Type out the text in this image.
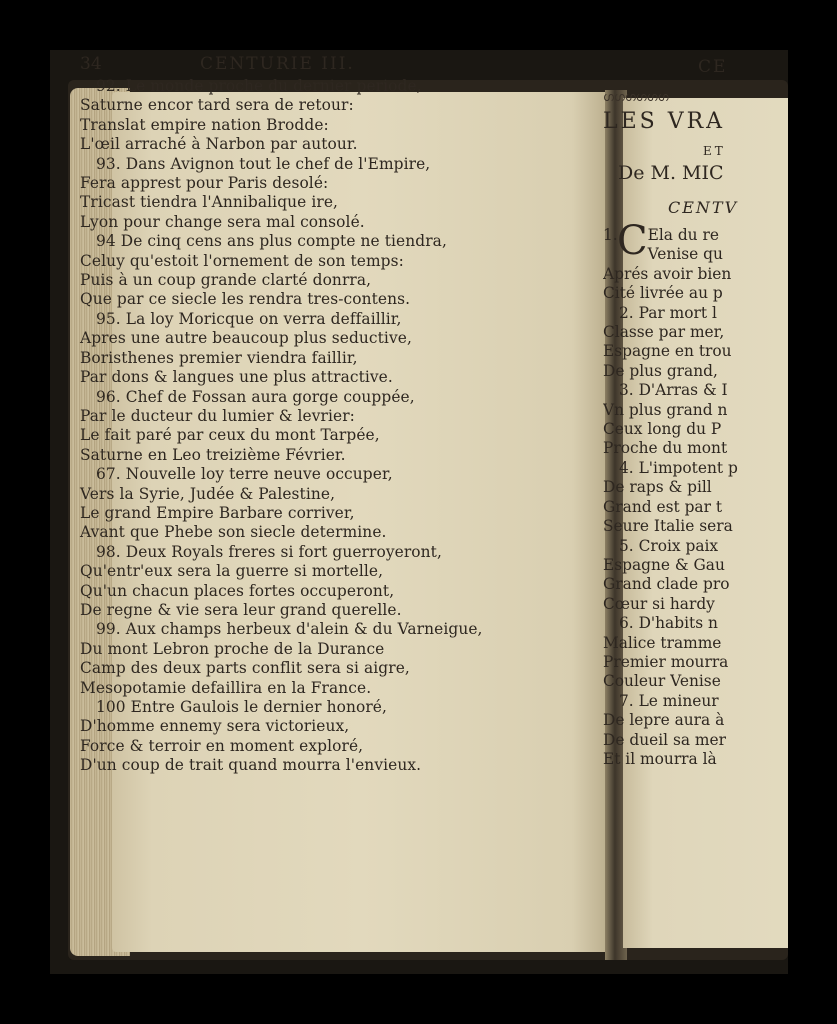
34	CENTURIE III.
92. Le monde proche du dernier periode,
Saturne encor tard sera de retour:
Translat empire nation Brodde:
L'œil arraché à Narbon par autour.
93. Dans Avignon tout le chef de l'Empire,
Fera apprest pour Paris desolé:
Tricast tiendra l'Annibalique ire,
Lyon pour change sera mal consolé.
94 De cinq cens ans plus compte ne tiendra,
Celuy qu'estoit l'ornement de son temps:
Puis à un coup grande clarté donrra,
Que par ce siecle les rendra tres-contens.
95. La loy Moricque on verra deffaillir,
Apres une autre beaucoup plus seductive,
Boristhenes premier viendra faillir,
Par dons & langues une plus attractive.
96. Chef de Fossan aura gorge couppée,
Par le ducteur du lumier & levrier:
Le fait paré par ceux du mont Tarpée,
Saturne en Leo treizième Février.
67. Nouvelle loy terre neuve occuper,
Vers la Syrie, Judée & Palestine,
Le grand Empire Barbare corriver,
Avant que Phebe son siecle determine.
98. Deux Royals freres si fort guerroyeront,
Qu'entr'eux sera la guerre si mortelle,
Qu'un chacun places fortes occuperont,
De regne & vie sera leur grand querelle.
99. Aux champs herbeux d'alein & du Varneigue,
Du mont Lebron proche de la Durance
Camp des deux parts conflit sera si aigre,
Mesopotamie defaillira en la France.
100 Entre Gaulois le dernier honoré,
D'homme ennemy sera victorieux,
Force & terroir en moment exploré,
D'un coup de trait quand mourra l'envieux.
CE
ഗഗഗഗഗഗ
LES VRA
ET
De M. MIC
CENTV
1.C Ela du re
Venise qu
Aprés avoir bien
Cité livrée au p
2. Par mort l
Classe par mer,
Espagne en trou
De plus grand,
3. D'Arras & I
Vn plus grand n
Ceux long du P
Proche du mont
4. L'impotent p
De raps & pill
Grand est par t
Seure Italie sera
5. Croix paix
Espagne & Gau
Grand clade pro
Cœur si hardy
6. D'habits n
Malice tramme
Premier mourra
Couleur Venise
7. Le mineur
De lepre aura à
De dueil sa mer
Et il mourra là
